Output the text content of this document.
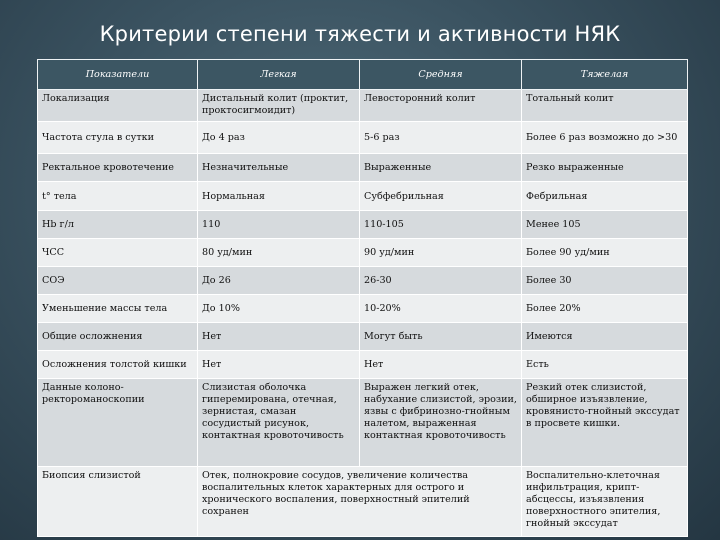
Критерии степени тяжести и активности НЯК
Показатели	Легкая	Средняя	Тяжелая
Локализация	Дистальный колит (проктит, проктосигмоидит)	Левосторонний колит	Тотальный колит
Частота стула в сутки	До 4 раз	5-6 раз	Более 6 раз возможно до >30
Ректальное кровотечение	Незначительные	Выраженные	Резко выраженные
t° тела	Нормальная	Субфебрильная	Фебрильная
Hb г/л	110	110-105	Менее 105
ЧСС	80 уд/мин	90 уд/мин	Более 90 уд/мин
СОЭ	До 26	26-30	Более 30
Уменьшение массы тела	До 10%	10-20%	Более 20%
Общие осложнения	Нет	Могут быть	Имеются
Осложнения толстой кишки	Нет	Нет	Есть
Данные колоно-ректороманоскопии	Слизистая оболочка гиперемирована, отечная, зернистая, смазан сосудистый рисунок, контактная кровоточивость	Выражен легкий отек, набухание слизистой, эрозии, язвы с фибринозно-гнойным налетом, выраженная контактная кровоточивость	Резкий отек слизистой, обширное изъязвление, кровянисто-гнойный экссудат в просвете кишки.
Биопсия слизистой	Отек, полнокровие сосудов, увеличение количества воспалительных клеток характерных для острого и хронического воспаления, поверхностный эпителий сохранен		Воспалительно-клеточная инфильтрация, крипт-абсцессы, изъязвления поверхностного эпителия, гнойный экссудат
